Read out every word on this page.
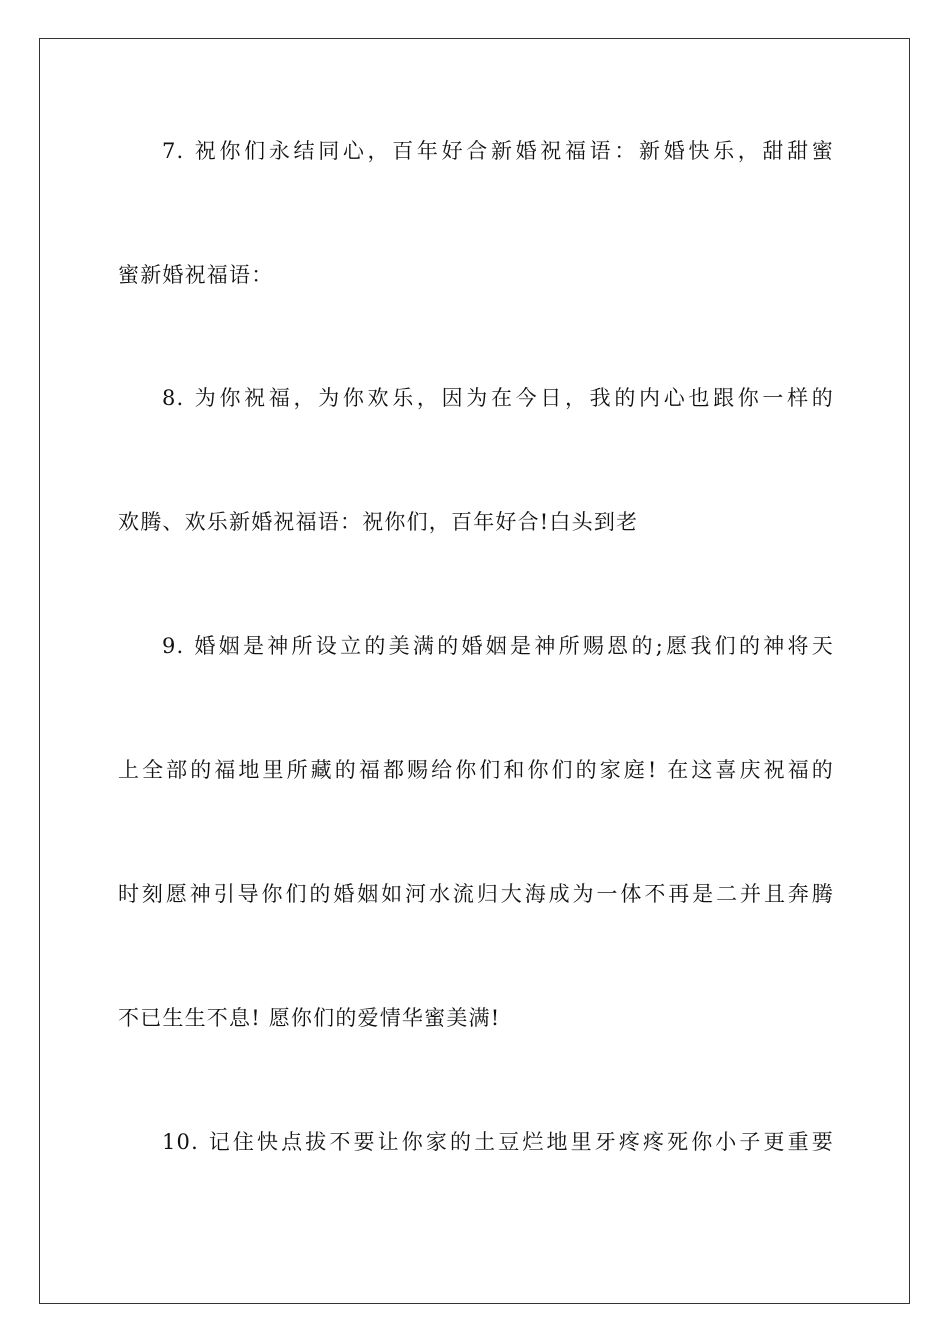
7. 祝你们永结同心，百年好合新婚祝福语：新婚快乐，甜甜蜜
蜜新婚祝福语：
8. 为你祝福，为你欢乐，因为在今日，我的内心也跟你一样的
欢腾、欢乐新婚祝福语：祝你们，百年好合!白头到老
9. 婚姻是神所设立的美满的婚姻是神所赐恩的;愿我们的神将天
上全部的福地里所藏的福都赐给你们和你们的家庭! 在这喜庆祝福的
时刻愿神引导你们的婚姻如河水流归大海成为一体不再是二并且奔腾
不已生生不息! 愿你们的爱情华蜜美满!
10. 记住快点拔不要让你家的土豆烂地里牙疼疼死你小子更重要
